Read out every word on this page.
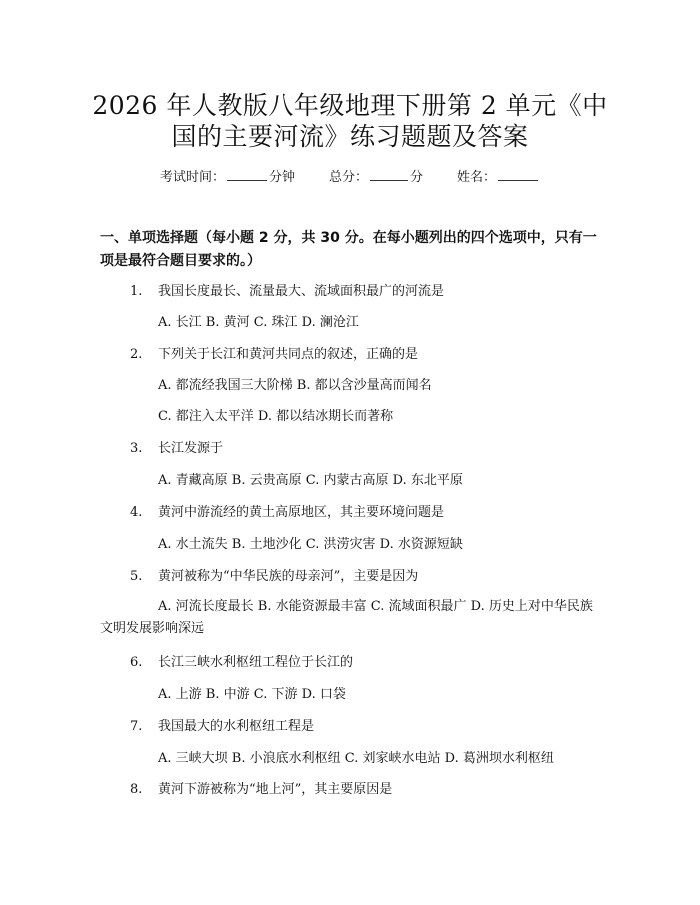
2026 年人教版八年级地理下册第 2 单元《中
国的主要河流》练习题题及答案
考试时间：	分钟	总分：	分	姓名：
一、单项选择题（每小题 2 分，共 30 分。在每小题列出的四个选项中，只有一项是最符合题目要求的。）
1. 我国长度最长、流量最大、流域面积最广的河流是
A. 长江 B. 黄河 C. 珠江 D. 澜沧江
2. 下列关于长江和黄河共同点的叙述，正确的是
A. 都流经我国三大阶梯 B. 都以含沙量高而闻名
C. 都注入太平洋 D. 都以结冰期长而著称
3. 长江发源于
A. 青藏高原 B. 云贵高原 C. 内蒙古高原 D. 东北平原
4. 黄河中游流经的黄土高原地区，其主要环境问题是
A. 水土流失 B. 土地沙化 C. 洪涝灾害 D. 水资源短缺
5. 黄河被称为“中华民族的母亲河”，主要是因为
A. 河流长度最长 B. 水能资源最丰富 C. 流域面积最广 D. 历史上对中华民族文明发展影响深远
6. 长江三峡水利枢纽工程位于长江的
A. 上游 B. 中游 C. 下游 D. 口袋
7. 我国最大的水利枢纽工程是
A. 三峡大坝 B. 小浪底水利枢纽 C. 刘家峡水电站 D. 葛洲坝水利枢纽
8. 黄河下游被称为“地上河”，其主要原因是
